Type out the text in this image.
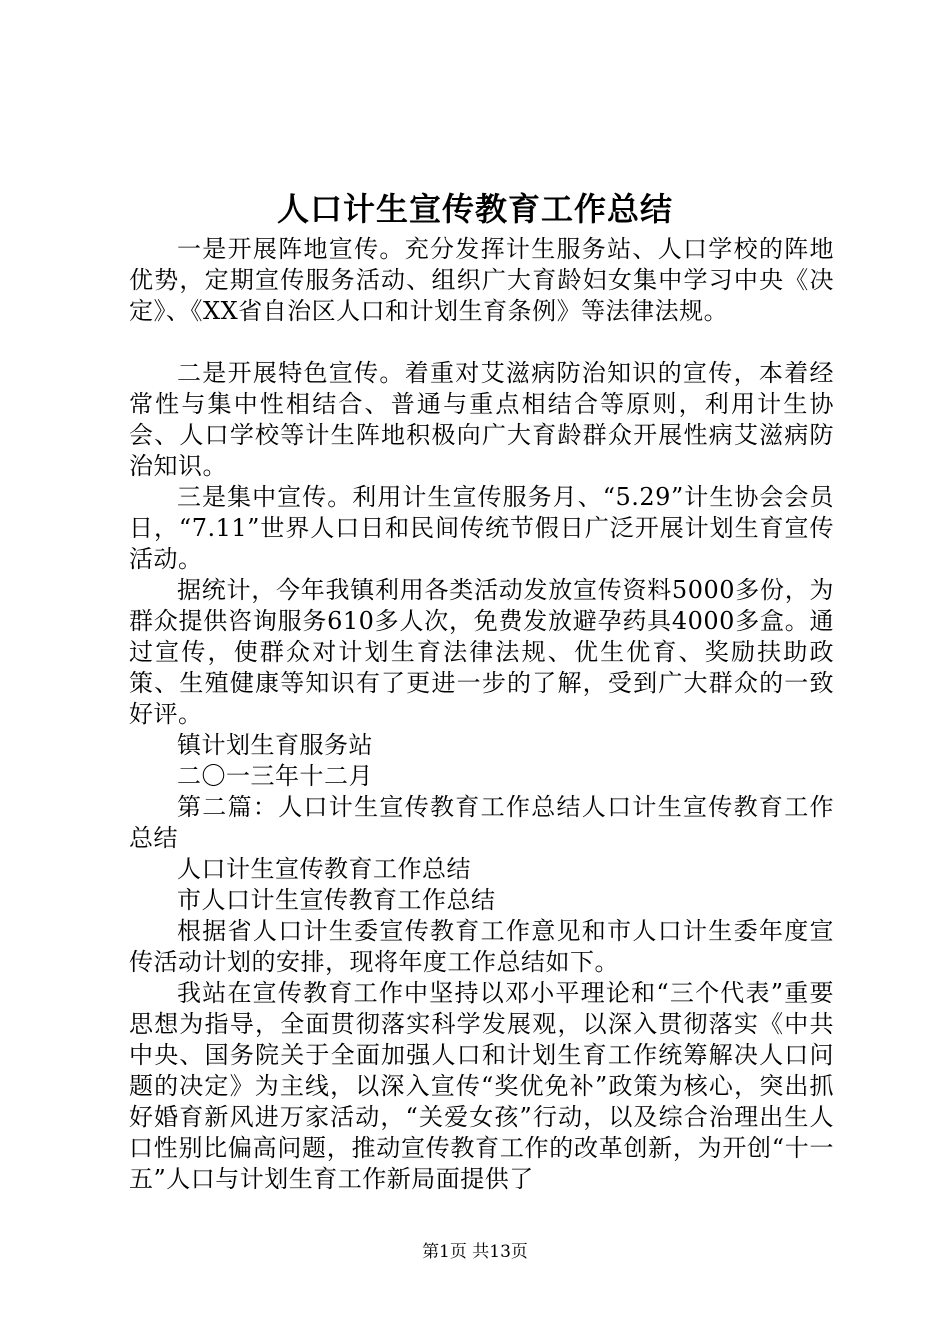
人口计生宣传教育工作总结

一是开展阵地宣传。充分发挥计生服务站、人口学校的阵地优势，定期宣传服务活动、组织广大育龄妇女集中学习中央《决定》、《XX省自治区人口和计划生育条例》等法律法规。

二是开展特色宣传。着重对艾滋病防治知识的宣传，本着经常性与集中性相结合、普通与重点相结合等原则，利用计生协会、人口学校等计生阵地积极向广大育龄群众开展性病艾滋病防治知识。

三是集中宣传。利用计生宣传服务月、“5.29”计生协会会员日，“7.11”世界人口日和民间传统节假日广泛开展计划生育宣传活动。

据统计，今年我镇利用各类活动发放宣传资料5000多份，为群众提供咨询服务610多人次，免费发放避孕药具4000多盒。通过宣传，使群众对计划生育法律法规、优生优育、奖励扶助政策、生殖健康等知识有了更进一步的了解，受到广大群众的一致好评。

镇计划生育服务站

二〇一三年十二月

第二篇：人口计生宣传教育工作总结人口计生宣传教育工作总结

人口计生宣传教育工作总结

市人口计生宣传教育工作总结

根据省人口计生委宣传教育工作意见和市人口计生委年度宣传活动计划的安排，现将年度工作总结如下。

我站在宣传教育工作中坚持以邓小平理论和“三个代表”重要思想为指导，全面贯彻落实科学发展观，以深入贯彻落实《中共中央、国务院关于全面加强人口和计划生育工作统筹解决人口问题的决定》为主线，以深入宣传“奖优免补”政策为核心，突出抓好婚育新风进万家活动，“关爱女孩”行动，以及综合治理出生人口性别比偏高问题，推动宣传教育工作的改革创新，为开创“十一五”人口与计划生育工作新局面提供了

第1页 共13页
